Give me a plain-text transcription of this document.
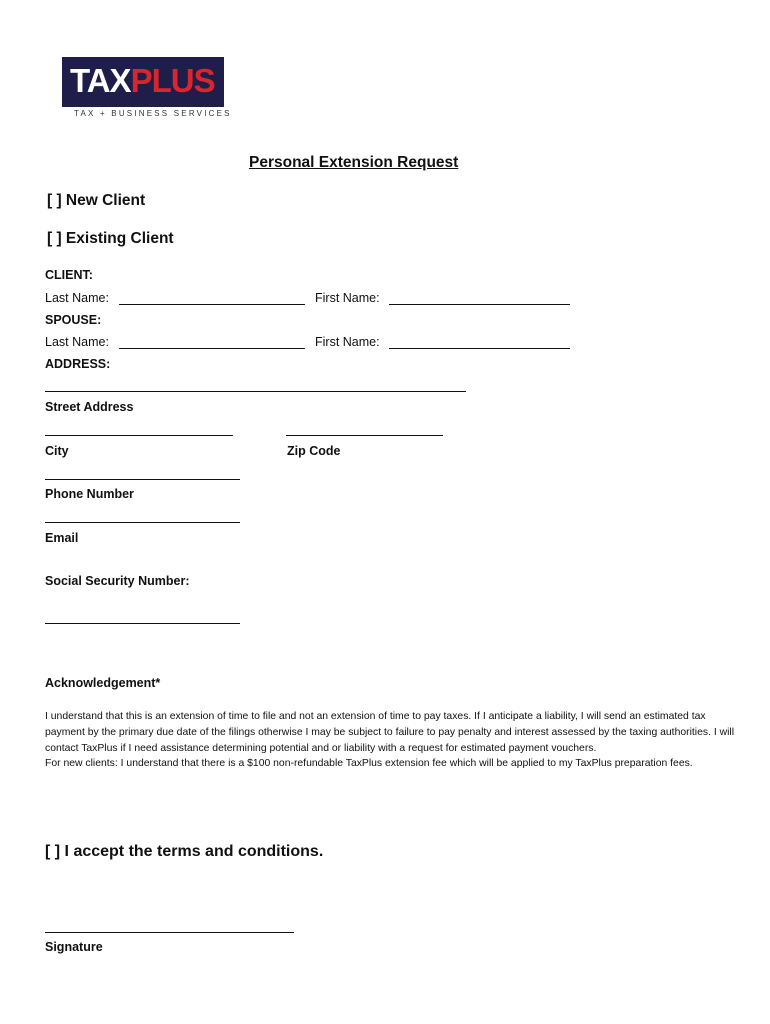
TAXPLUS
TAX + BUSINESS SERVICES
Personal Extension Request
[ ] New Client
[ ] Existing Client
CLIENT:
Last Name:	First Name:
SPOUSE:
Last Name:	First Name:
ADDRESS:
Street Address
City	Zip Code
Phone Number
Email
Social Security Number:
Acknowledgement*

I understand that this is an extension of time to file and not an extension of time to pay taxes. If I anticipate a liability, I will send an estimated tax payment by the primary due date of the filings otherwise I may be subject to failure to pay penalty and interest assessed by the taxing authorities. I will contact TaxPlus if I need assistance determining potential and or liability with a request for estimated payment vouchers.

For new clients: I understand that there is a $100 non-refundable TaxPlus extension fee which will be applied to my TaxPlus preparation fees.

[ ] I accept the terms and conditions.
Signature
